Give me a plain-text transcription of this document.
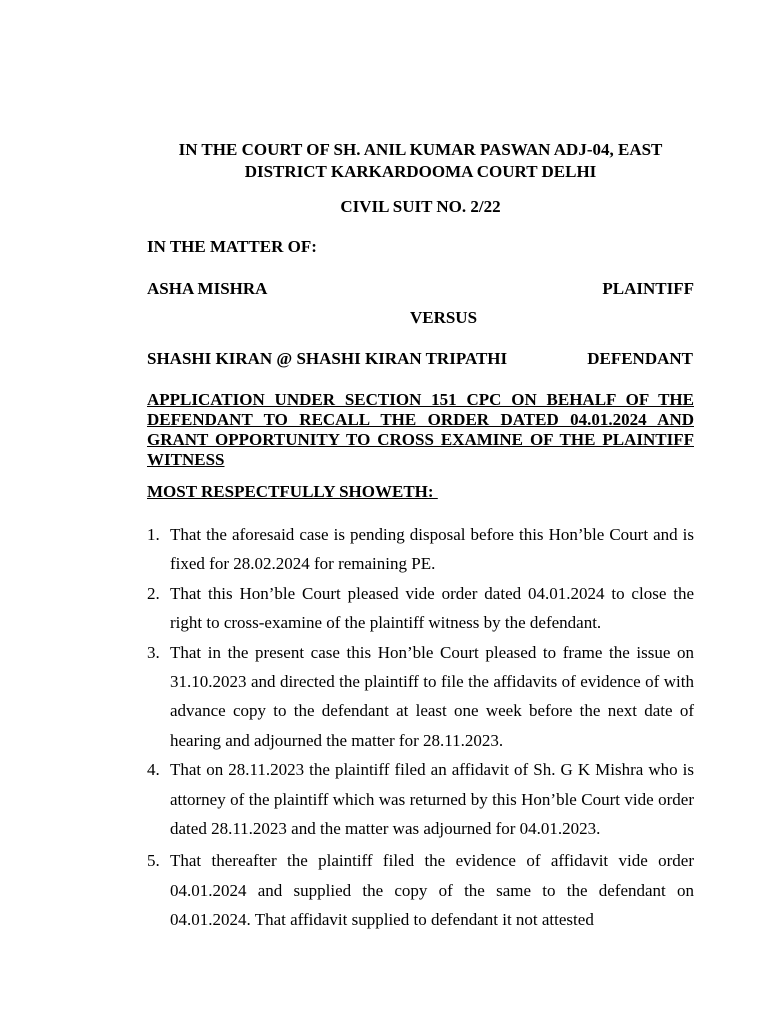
IN THE COURT OF SH. ANIL KUMAR PASWAN ADJ-04, EAST DISTRICT KARKARDOOMA COURT DELHI
CIVIL SUIT NO. 2/22
IN THE MATTER OF:
ASHA MISHRA	PLAINTIFF
VERSUS
SHASHI KIRAN @ SHASHI KIRAN TRIPATHI	DEFENDANT
APPLICATION UNDER SECTION 151 CPC ON BEHALF OF THE DEFENDANT TO RECALL THE ORDER DATED 04.01.2024 AND GRANT OPPORTUNITY TO CROSS EXAMINE OF THE PLAINTIFF WITNESS
MOST RESPECTFULLY SHOWETH:
1. That the aforesaid case is pending disposal before this Hon’ble Court and is fixed for 28.02.2024 for remaining PE.
2. That this Hon’ble Court pleased vide order dated 04.01.2024 to close the right to cross-examine of the plaintiff witness by the defendant.
3. That in the present case this Hon’ble Court pleased to frame the issue on 31.10.2023 and directed the plaintiff to file the affidavits of evidence of with advance copy to the defendant at least one week before the next date of hearing and adjourned the matter for 28.11.2023.
4. That on 28.11.2023 the plaintiff filed an affidavit of Sh. G K Mishra who is attorney of the plaintiff which was returned by this Hon’ble Court vide order dated 28.11.2023 and the matter was adjourned for 04.01.2023.
5. That thereafter the plaintiff filed the evidence of affidavit vide order 04.01.2024 and supplied the copy of the same to the defendant on 04.01.2024. That affidavit supplied to defendant it not attested
